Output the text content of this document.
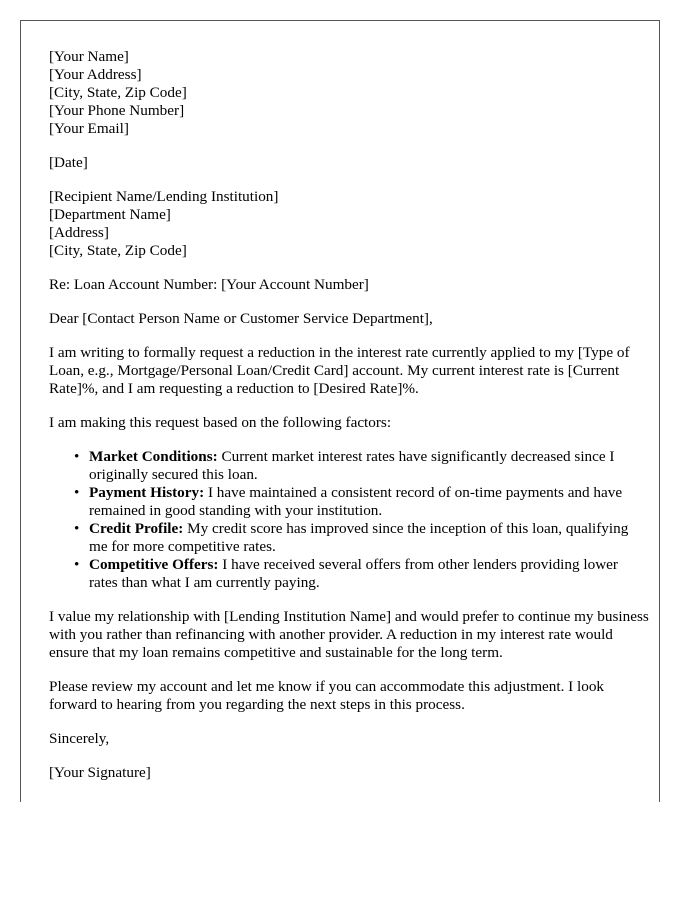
[Your Name]
[Your Address]
[City, State, Zip Code]
[Your Phone Number]
[Your Email]
[Date]
[Recipient Name/Lending Institution]
[Department Name]
[Address]
[City, State, Zip Code]

Re: Loan Account Number: [Your Account Number]

Dear [Contact Person Name or Customer Service Department],

I am writing to formally request a reduction in the interest rate currently applied to my [Type of Loan, e.g., Mortgage/Personal Loan/Credit Card] account. My current interest rate is [Current Rate]%, and I am requesting a reduction to [Desired Rate]%.

I am making this request based on the following factors:

• Market Conditions: Current market interest rates have significantly decreased since I originally secured this loan.
• Payment History: I have maintained a consistent record of on-time payments and have remained in good standing with your institution.
• Credit Profile: My credit score has improved since the inception of this loan, qualifying me for more competitive rates.
• Competitive Offers: I have received several offers from other lenders providing lower rates than what I am currently paying.

I value my relationship with [Lending Institution Name] and would prefer to continue my business with you rather than refinancing with another provider. A reduction in my interest rate would ensure that my loan remains competitive and sustainable for the long term.

Please review my account and let me know if you can accommodate this adjustment. I look forward to hearing from you regarding the next steps in this process.

Sincerely,

[Your Signature]
